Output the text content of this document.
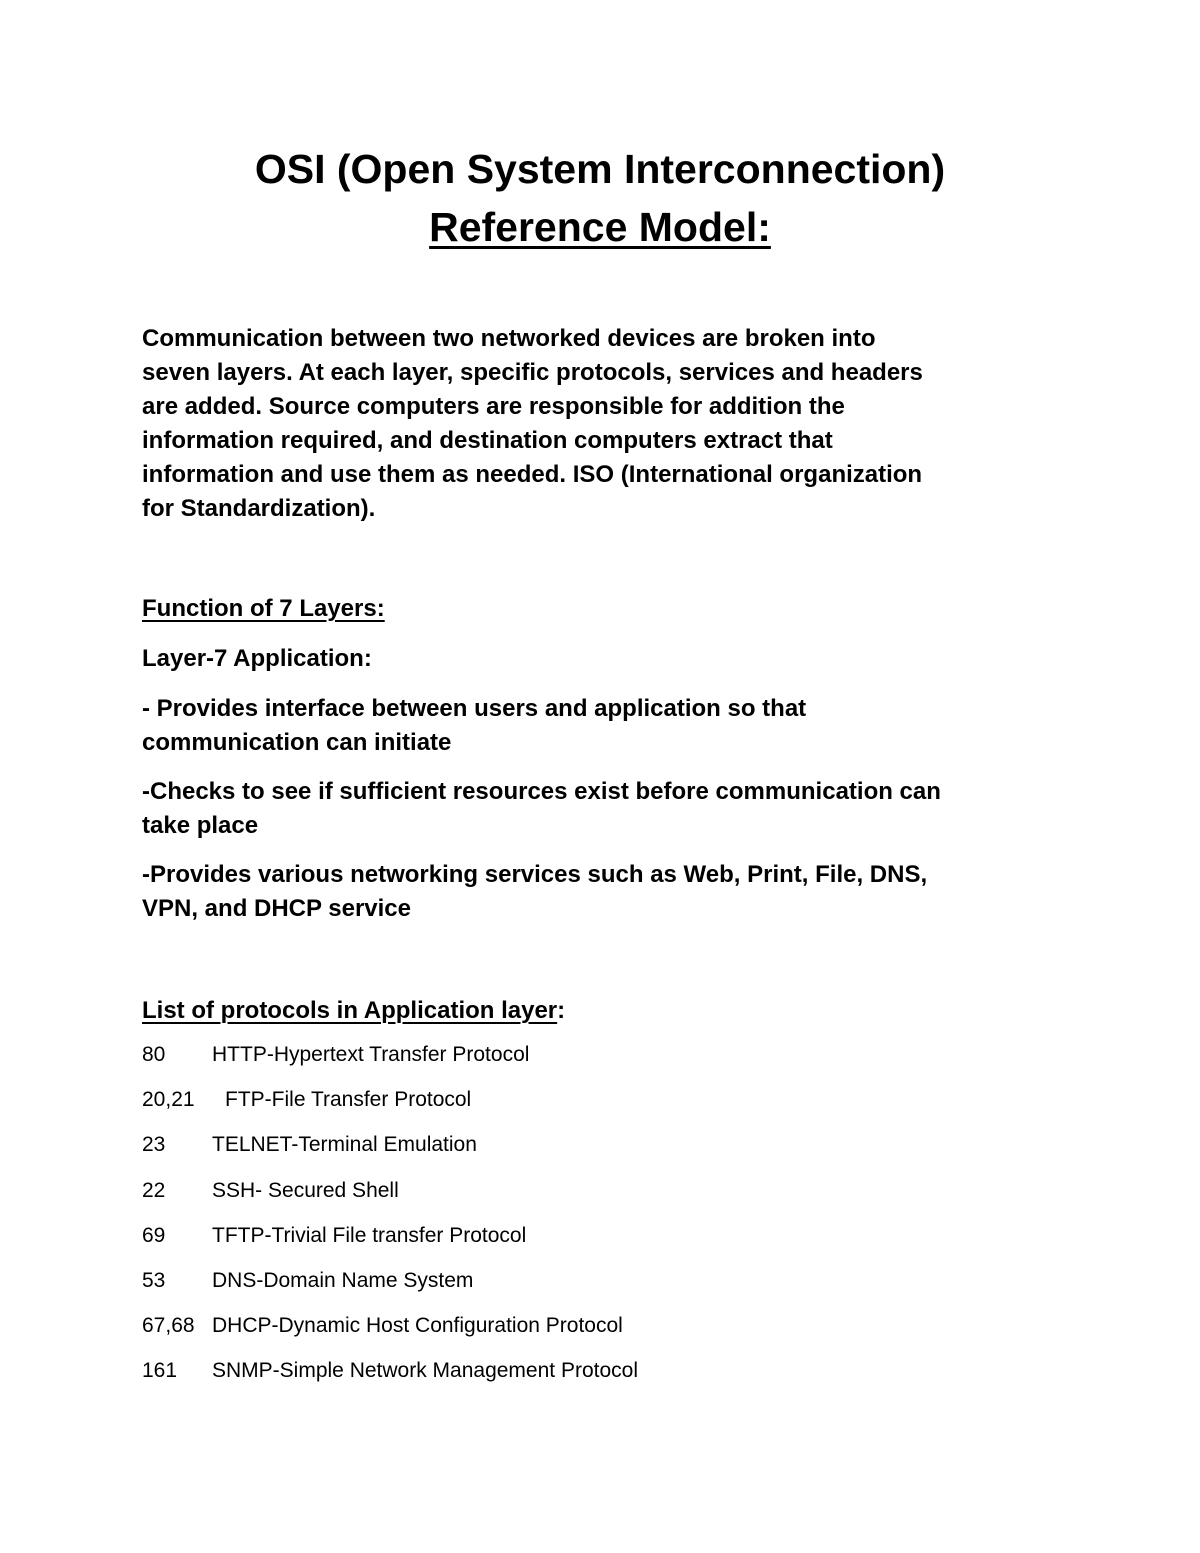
OSI (Open System Interconnection)
Reference Model:
Communication between two networked devices are broken into
seven layers. At each layer, specific protocols, services and headers
are added. Source computers are responsible for addition the
information required, and destination computers extract that
information and use them as needed. ISO (International organization
for Standardization).
Function of 7 Layers:
Layer-7 Application:
- Provides interface between users and application so that
communication can initiate
-Checks to see if sufficient resources exist before communication can
take place
-Provides various networking services such as Web, Print, File, DNS,
VPN, and DHCP service
List of protocols in Application layer:
80 HTTP-Hypertext Transfer Protocol
20,21 FTP-File Transfer Protocol
23 TELNET-Terminal Emulation
22 SSH- Secured Shell
69 TFTP-Trivial File transfer Protocol
53 DNS-Domain Name System
67,68 DHCP-Dynamic Host Configuration Protocol
161 SNMP-Simple Network Management Protocol
